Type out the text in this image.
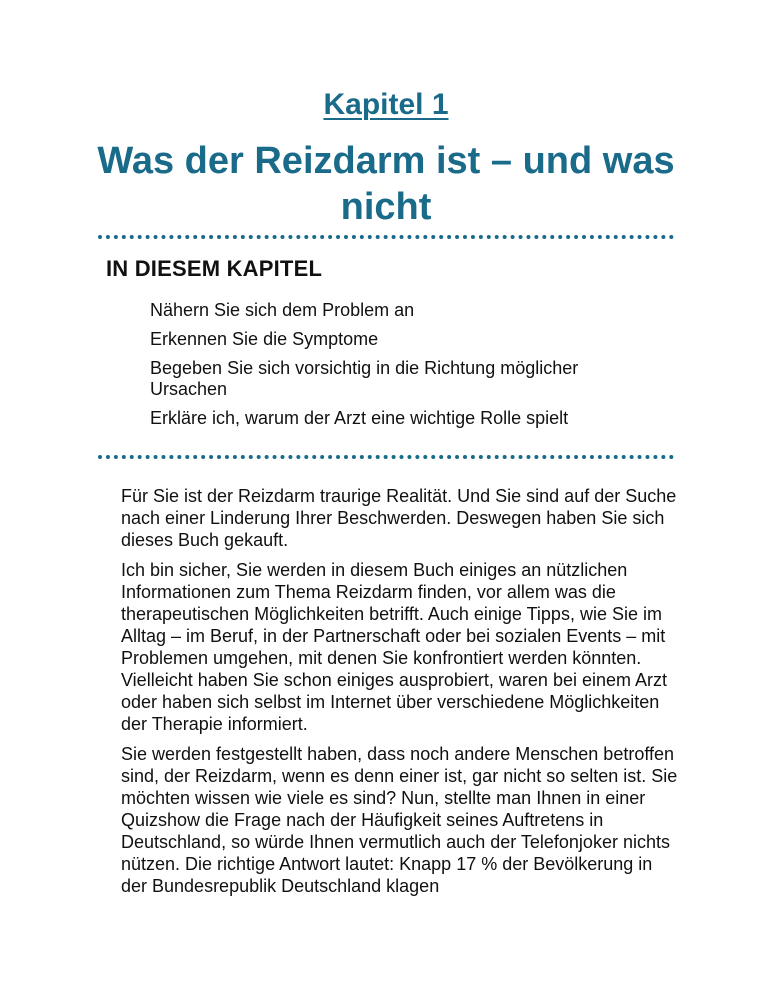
Kapitel 1
Was der Reizdarm ist – und was nicht
IN DIESEM KAPITEL
Nähern Sie sich dem Problem an
Erkennen Sie die Symptome
Begeben Sie sich vorsichtig in die Richtung möglicher Ursachen
Erkläre ich, warum der Arzt eine wichtige Rolle spielt

Für Sie ist der Reizdarm traurige Realität. Und Sie sind auf der Suche nach einer Linderung Ihrer Beschwerden. Deswegen haben Sie sich dieses Buch gekauft.

Ich bin sicher, Sie werden in diesem Buch einiges an nützlichen Informationen zum Thema Reizdarm finden, vor allem was die therapeutischen Möglichkeiten betrifft. Auch einige Tipps, wie Sie im Alltag – im Beruf, in der Partnerschaft oder bei sozialen Events – mit Problemen umgehen, mit denen Sie konfrontiert werden könnten. Vielleicht haben Sie schon einiges ausprobiert, waren bei einem Arzt oder haben sich selbst im Internet über verschiedene Möglichkeiten der Therapie informiert.

Sie werden festgestellt haben, dass noch andere Menschen betroffen sind, der Reizdarm, wenn es denn einer ist, gar nicht so selten ist. Sie möchten wissen wie viele es sind? Nun, stellte man Ihnen in einer Quizshow die Frage nach der Häufigkeit seines Auftretens in Deutschland, so würde Ihnen vermutlich auch der Telefonjoker nichts nützen. Die richtige Antwort lautet: Knapp 17 % der Bevölkerung in der Bundesrepublik Deutschland klagen
